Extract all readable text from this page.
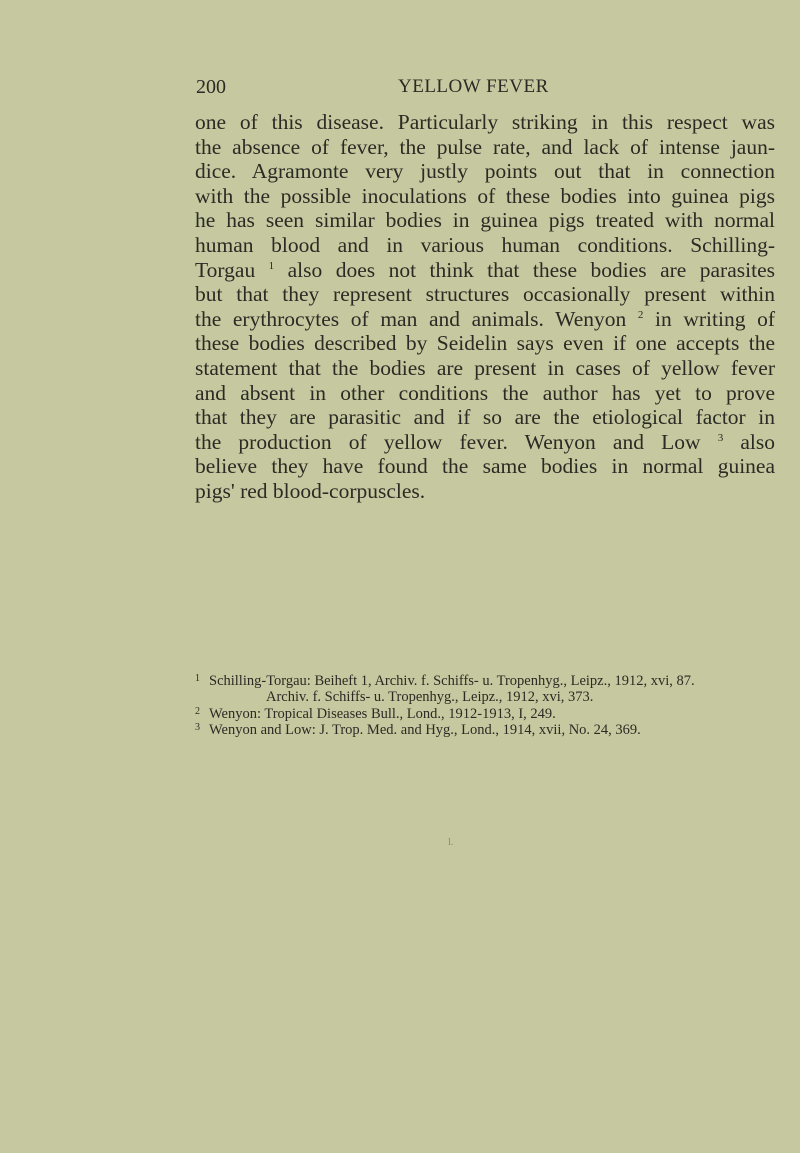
200	YELLOW FEVER
one of this disease. Particularly striking in this respect was
the absence of fever, the pulse rate, and lack of intense jaun-
dice. Agramonte very justly points out that in connection
with the possible inoculations of these bodies into guinea pigs
he has seen similar bodies in guinea pigs treated with normal
human blood and in various human conditions. Schilling-
Torgau $^1$ also does not think that these bodies are parasites
but that they represent structures occasionally present within
the erythrocytes of man and animals. Wenyon $^2$ in writing of
these bodies described by Seidelin says even if one accepts the
statement that the bodies are present in cases of yellow fever
and absent in other conditions the author has yet to prove
that they are parasitic and if so are the etiological factor in
the production of yellow fever. Wenyon and Low $^3$ also
believe they have found the same bodies in normal guinea
pigs' red blood-corpuscles.
1 Schilling-Torgau: Beiheft 1, Archiv. f. Schiffs- u. Tropenhyg., Leipz., 1912, xvi, 87.
Archiv. f. Schiffs- u. Tropenhyg., Leipz., 1912, xvi, 373.
2 Wenyon: Tropical Diseases Bull., Lond., 1912-1913, I, 249.
3 Wenyon and Low: J. Trop. Med. and Hyg., Lond., 1914, xvii, No. 24, 369.
l.
